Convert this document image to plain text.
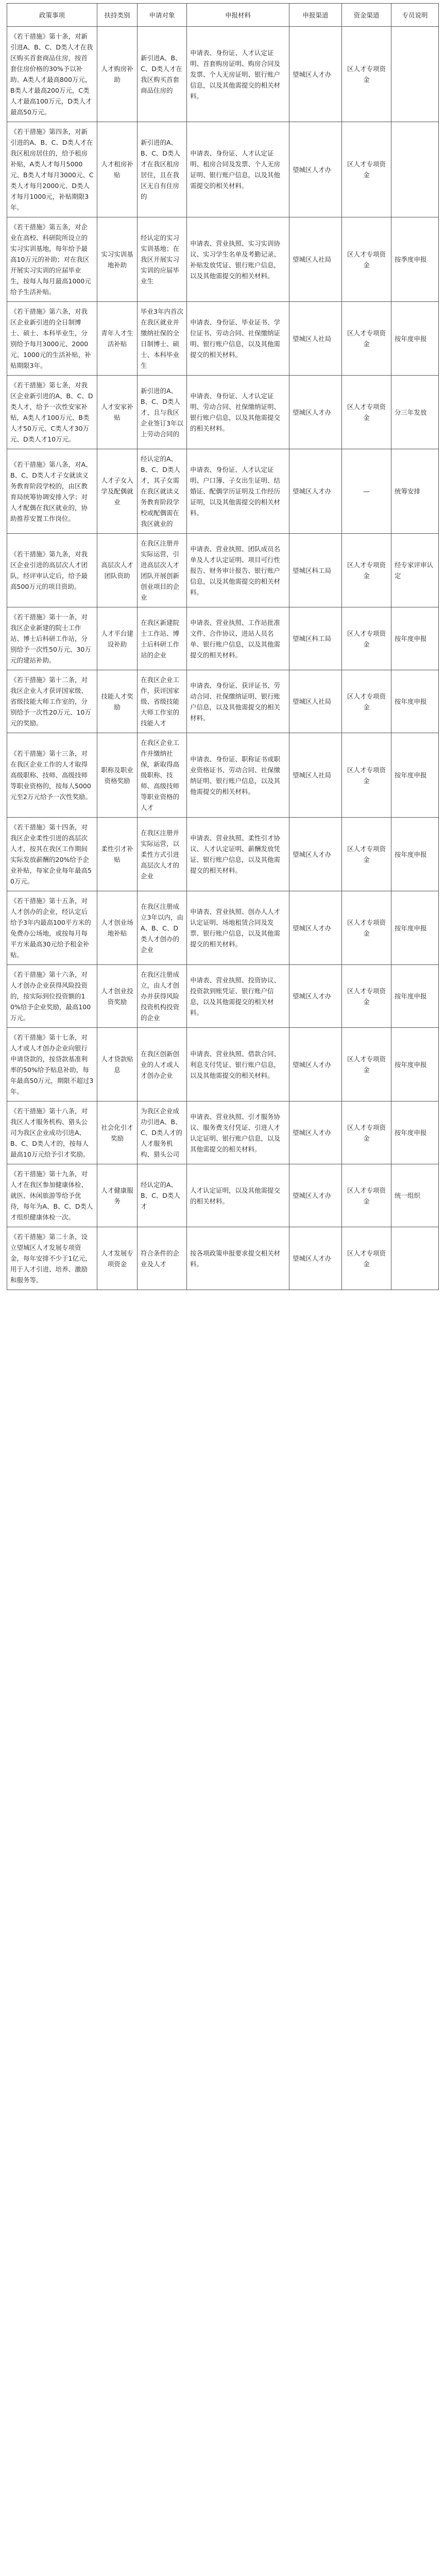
政策事项	扶持类别	申请对象	申报材料	申报渠道	资金渠道	专员说明
《若干措施》第十条，对新引进A、B、C、D类人才在我区购买首套商品住房，按首套住房价格的30%予以补助。A类人才最高800万元，B类人才最高200万元，C类人才最高100万元，D类人才最高50万元。	人才购房补助	新引进A、B、C、D类人才在我区购买首套商品住房的	申请表、身份证、人才认定证明、首套购房证明、购房合同及发票、个人无房证明、银行账户信息，以及其他需提交的相关材料。	望城区人才办	区人才专项资金	
《若干措施》第四条，对新引进的A、B、C、D类人才在我区租房居住的，给予租房补贴，A类人才每月5000元、B类人才每月3000元、C类人才每月2000元、D类人才每月1000元，补贴期限3年。	人才租房补贴	新引进的A、B、C、D类人才在我区租房居住，且在我区无自有住房的	申请表、身份证、人才认定证明、租房合同及发票、个人无房证明、银行账户信息，以及其他需提交的相关材料。	望城区人才办	区人才专项资金	
《若干措施》第五条，对企业在高校、科研院所设立的实习实训基地，每年给予最高10万元的补助；对在我区开展实习实训的应届毕业生，按每人每月最高1000元给予生活补贴。	实习实训基地补助	经认定的实习实训基地；在我区开展实习实训的应届毕业生	申请表、营业执照、实习实训协议、实习学生名单及考勤记录、补贴发放凭证、银行账户信息，以及其他需提交的相关材料。	望城区人社局	区人才专项资金	按季度申报
《若干措施》第六条，对我区企业新引进的全日制博士、硕士、本科毕业生，分别给予每月3000元、2000元、1000元的生活补贴，补贴期限3年。	青年人才生活补贴	毕业3年内首次在我区就业并缴纳社保的全日制博士、硕士、本科毕业生	申请表、身份证、毕业证书、学位证书、劳动合同、社保缴纳证明、银行账户信息，以及其他需提交的相关材料。	望城区人社局	区人才专项资金	按年度申报
《若干措施》第七条，对我区企业新引进的A、B、C、D类人才，给予一次性安家补贴，A类人才100万元、B类人才50万元、C类人才30万元、D类人才10万元。	人才安家补贴	新引进的A、B、C、D类人才，且与我区企业签订3年以上劳动合同的	申请表、身份证、人才认定证明、劳动合同、社保缴纳证明、银行账户信息，以及其他需提交的相关材料。	望城区人才办	区人才专项资金	分三年发放
《若干措施》第八条，对A、B、C、D类人才子女就读义务教育阶段学校的，由区教育局统筹协调安排入学；对人才配偶在我区就业的，协助推荐安置工作岗位。	人才子女入学及配偶就业	经认定的A、B、C、D类人才，其子女需在我区就读义务教育阶段学校或配偶需在我区就业的	申请表、身份证、人才认定证明、户口簿、子女出生证明、结婚证、配偶学历证明及工作经历证明，以及其他需提交的相关材料。	望城区人才办	—	统筹安排
《若干措施》第九条，对我区企业引进的高层次人才团队，经评审认定后，给予最高500万元的项目资助。	高层次人才团队资助	在我区注册并实际运营，引进高层次人才团队开展创新创业项目的企业	申请表、营业执照、团队成员名单及人才认定证明、项目可行性报告、财务审计报告、银行账户信息，以及其他需提交的相关材料。	望城区科工局	区人才专项资金	经专家评审认定
《若干措施》第十一条，对我区企业新建的院士工作站、博士后科研工作站，分别给予一次性50万元、30万元的建站补助。	人才平台建设补助	在我区新建院士工作站、博士后科研工作站的企业	申请表、营业执照、工作站批准文件、合作协议、进站人员名单、银行账户信息，以及其他需提交的相关材料。	望城区科工局	区人才专项资金	按年度申报
《若干措施》第十二条，对我区企业人才获评国家级、省级技能大师工作室的，分别给予一次性20万元、10万元的奖励。	技能人才奖励	在我区企业工作，获评国家级、省级技能大师工作室的技能人才	申请表、身份证、获评证书、劳动合同、社保缴纳证明、银行账户信息，以及其他需提交的相关材料。	望城区人社局	区人才专项资金	按年度申报
《若干措施》第十三条，对在我区企业工作的人才取得高级职称、技师、高级技师等职业资格的，按每人5000元至2万元给予一次性奖励。	职称及职业资格奖励	在我区企业工作并缴纳社保，新取得高级职称、技师、高级技师等职业资格的人才	申请表、身份证、职称证书或职业资格证书、劳动合同、社保缴纳证明、银行账户信息，以及其他需提交的相关材料。	望城区人社局	区人才专项资金	按年度申报
《若干措施》第十四条，对我区企业柔性引进的高层次人才，按其在我区工作期间实际发放薪酬的20%给予企业补贴，每家企业每年最高50万元。	柔性引才补贴	在我区注册并实际运营，以柔性方式引进高层次人才的企业	申请表、营业执照、柔性引才协议、人才认定证明、薪酬发放凭证、银行账户信息，以及其他需提交的相关材料。	望城区人才办	区人才专项资金	按年度申报
《若干措施》第十五条，对人才创办的企业，经认定后给予3年内最高100平方米的免费办公场地，或按每月每平方米最高30元给予租金补贴。	人才创业场地补贴	在我区注册成立3年以内，由A、B、C、D类人才创办的企业	申请表、营业执照、创办人人才认定证明、场地租赁合同及发票、银行账户信息，以及其他需提交的相关材料。	望城区人才办	区人才专项资金	按年度申报
《若干措施》第十六条，对人才创办企业获得风险投资的，按实际到位投资额的10%给予企业奖励，最高100万元。	人才创业投资奖励	在我区注册成立，由人才创办并获得风险投资机构投资的企业	申请表、营业执照、投资协议、投资款到账凭证、银行账户信息，以及其他需提交的相关材料。	望城区人才办	区人才专项资金	按年度申报
《若干措施》第十七条，对人才或人才创办企业向银行申请贷款的，按贷款基准利率的50%给予贴息补助，每年最高50万元，期限不超过3年。	人才贷款贴息	在我区创新创业的人才或人才创办企业	申请表、营业执照、借款合同、利息支付凭证、银行账户信息，以及其他需提交的相关材料。	望城区人才办	区人才专项资金	按年度申报
《若干措施》第十八条，对我区人才服务机构、猎头公司为我区企业成功引进A、B、C、D类人才的，按每人最高10万元给予引才奖励。	社会化引才奖励	为我区企业成功引进A、B、C、D类人才的人才服务机构、猎头公司	申请表、营业执照、引才服务协议、服务费支付凭证、引进人才认定证明、银行账户信息，以及其他需提交的相关材料。	望城区人才办	区人才专项资金	按年度申报
《若干措施》第十九条，对人才在我区参加健康体检、就医、休闲旅游等给予优待，每年为A、B、C、D类人才组织健康体检一次。	人才健康服务	经认定的A、B、C、D类人才	人才认定证明，以及其他需提交的相关材料。	望城区人才办	区人才专项资金	统一组织
《若干措施》第二十条，设立望城区人才发展专项资金，每年安排不少于1亿元，用于人才引进、培养、激励和服务等。	人才发展专项资金	符合条件的企业及人才	按各项政策申报要求提交相关材料。	望城区人才办	区人才专项资金	
